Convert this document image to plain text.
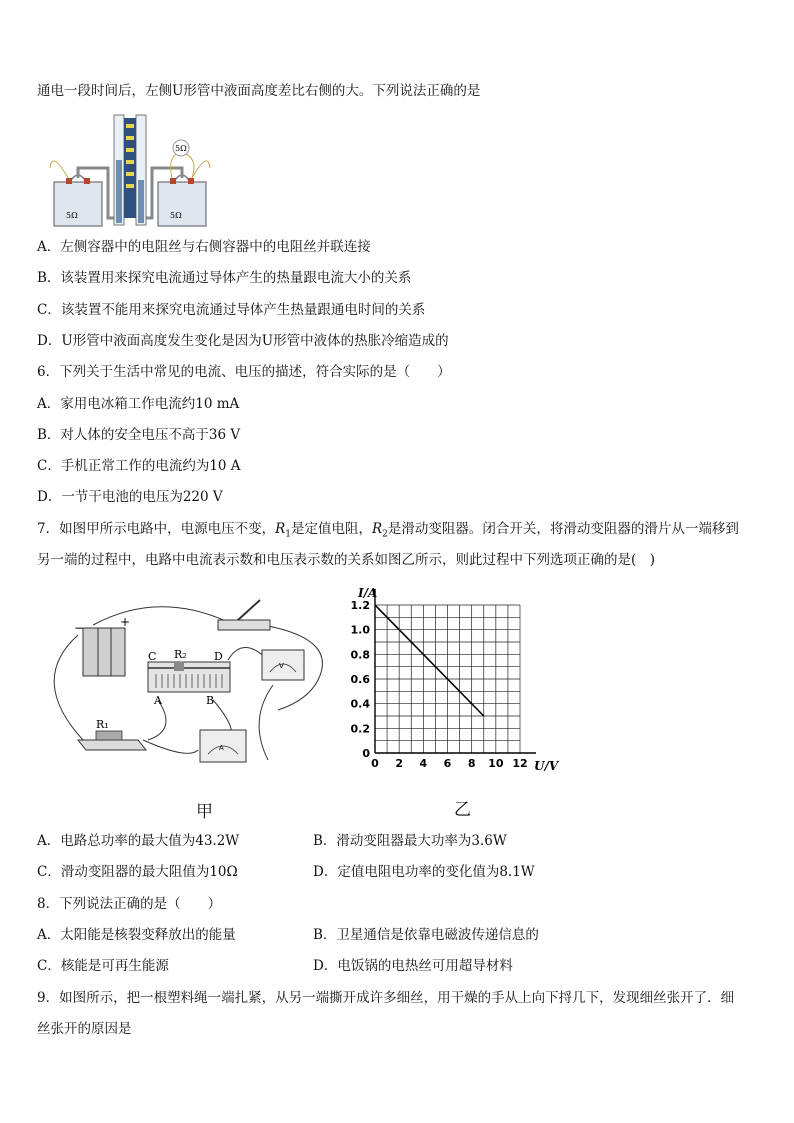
通电一段时间后，左侧U形管中液面高度差比右侧的大。下列说法正确的是
5Ω
5Ω	5Ω
A．左侧容器中的电阻丝与右侧容器中的电阻丝并联连接
B．该装置用来探究电流通过导体产生的热量跟电流大小的关系
C．该装置不能用来探究电流通过导体产生热量跟通电时间的关系
D．U形管中液面高度发生变化是因为U形管中液体的热胀冷缩造成的
6．下列关于生活中常见的电流、电压的描述，符合实际的是（　　）
A．家用电冰箱工作电流约10 mA
B．对人体的安全电压不高于36 V
C．手机正常工作的电流约为10 A
D．一节干电池的电压为220 V
7．如图甲所示电路中，电源电压不变，$R_1$是定值电阻，$R_2$是滑动变阻器。闭合开关，将滑动变阻器的滑片从一端移到
另一端的过程中，电路中电流表示数和电压表示数的关系如图乙所示，则此过程中下列选项正确的是(　)
−	+
C R₂ D
A	B
R₁
V
A
0 2 4 6 8 10 12
0
0.2
0.4
0.6
0.8
1.0
1.2
I/A
U/V
甲	乙
A．电路总功率的最大值为43.2W	B．滑动变阻器最大功率为3.6W
C．滑动变阻器的最大阻值为10Ω	D．定值电阻电功率的变化值为8.1W
8．下列说法正确的是（　　）
A．太阳能是核裂变释放出的能量	B．卫星通信是依靠电磁波传递信息的
C．核能是可再生能源	D．电饭锅的电热丝可用超导材料
9．如图所示，把一根塑料绳一端扎紧，从另一端撕开成许多细丝，用干燥的手从上向下捋几下，发现细丝张开了．细
丝张开的原因是
